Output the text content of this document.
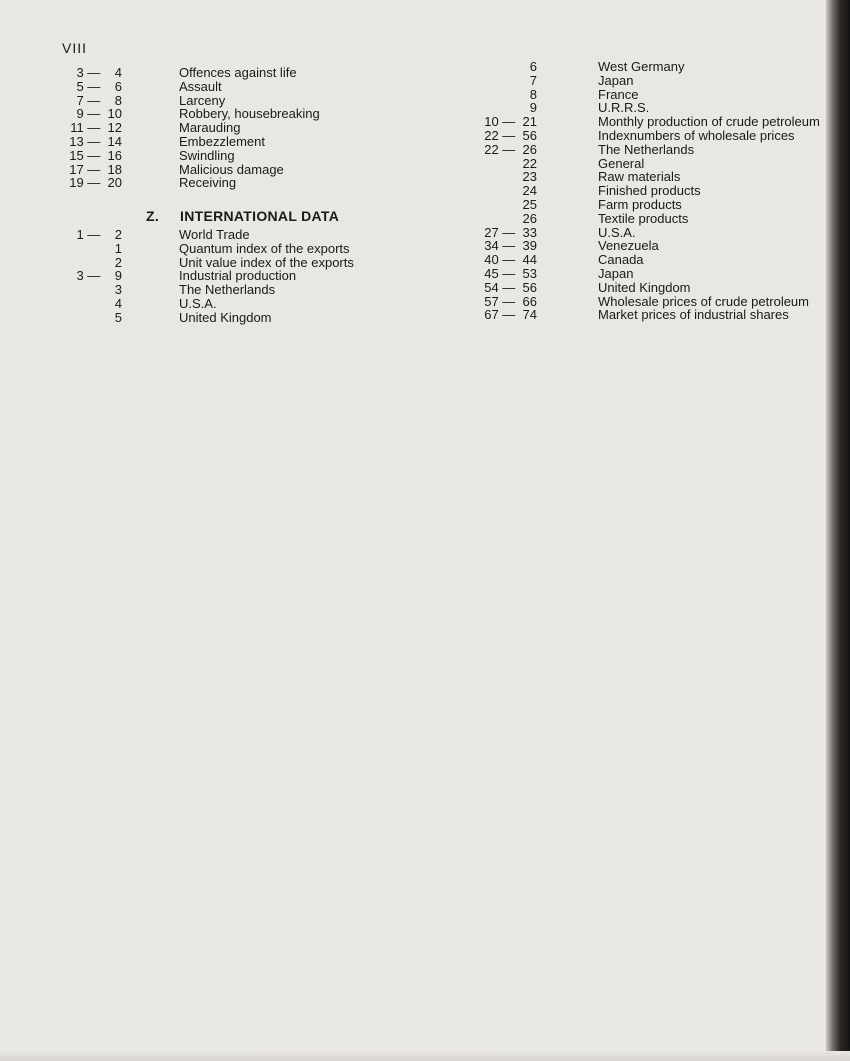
VIII
3 —    4	Offences against life
5 —    6	Assault
7 —    8	Larceny
9 —  10	Robbery, housebreaking
11 —  12	Marauding
13 —  14	Embezzlement
15 —  16	Swindling
17 —  18	Malicious damage
19 —  20	Receiving
Z. INTERNATIONAL DATA
1 —    2	World Trade
1	Quantum index of the exports
2	Unit value index of the exports
3 —    9	Industrial production
3	The Netherlands
4	U.S.A.
5	United Kingdom
6	West Germany
7	Japan
8	France
9	U.R.R.S.
10 —  21	Monthly production of crude petroleum
22 —  56	Indexnumbers of wholesale prices
22 —  26	The Netherlands
22	General
23	Raw materials
24	Finished products
25	Farm products
26	Textile products
27 —  33	U.S.A.
34 —  39	Venezuela
40 —  44	Canada
45 —  53	Japan
54 —  56	United Kingdom
57 —  66	Wholesale prices of crude petroleum
67 —  74	Market prices of industrial shares
